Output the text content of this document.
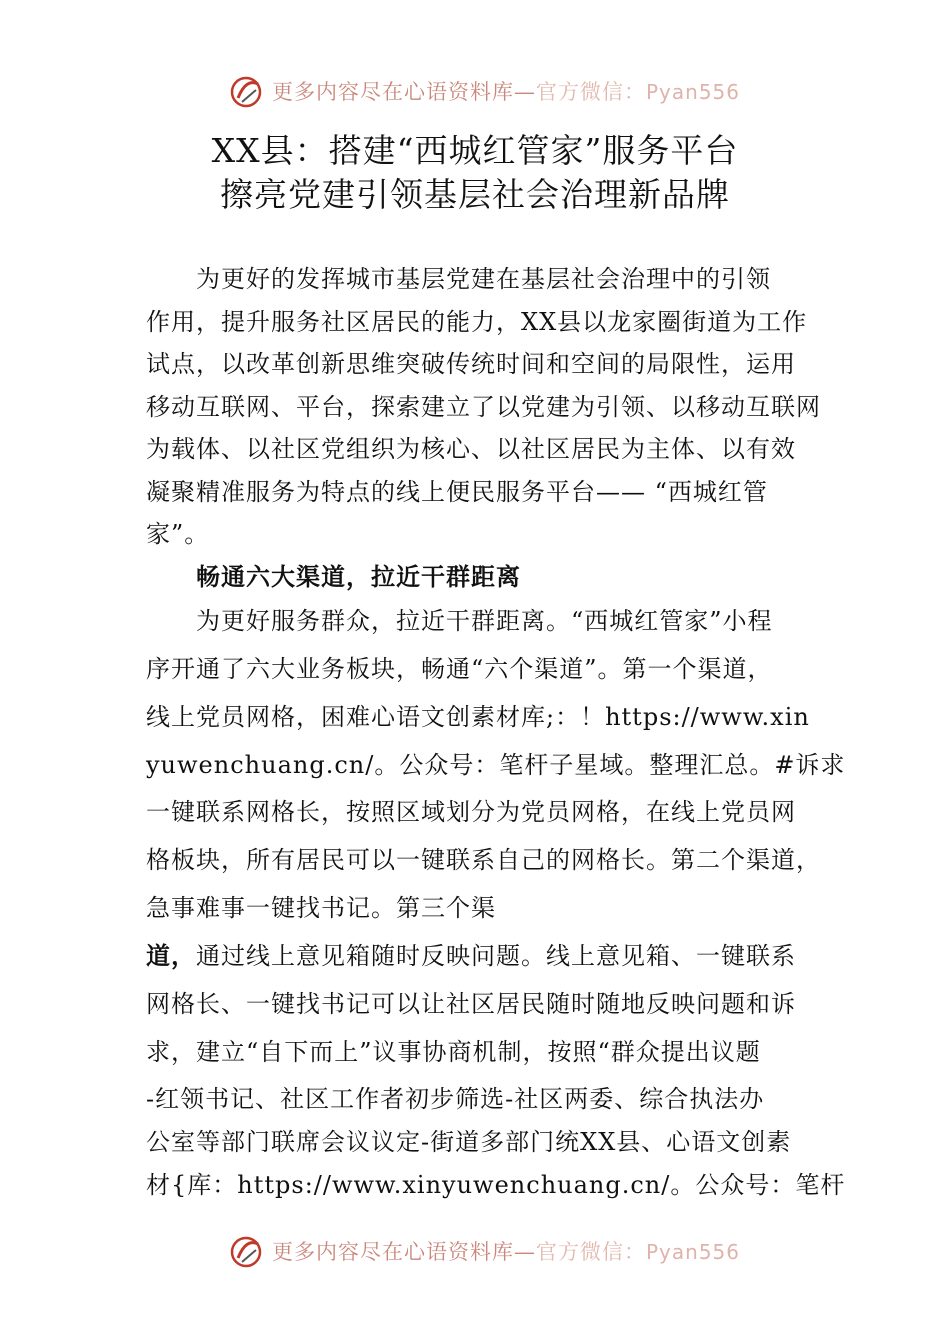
更多内容尽在心语资料库—官方微信：Pyan556
XX县：搭建“西城红管家”服务平台
擦亮党建引领基层社会治理新品牌
为更好的发挥城市基层党建在基层社会治理中的引领
作用，提升服务社区居民的能力，XX县以龙家圈街道为工作
试点，以改革创新思维突破传统时间和空间的局限性，运用
移动互联网、平台，探索建立了以党建为引领、以移动互联网
为载体、以社区党组织为核心、以社区居民为主体、以有效
凝聚精准服务为特点的线上便民服务平台—— “西城红管
家”。
畅通六大渠道，拉近干群距离
为更好服务群众，拉近干群距离。“西城红管家”小程
序开通了六大业务板块，畅通“六个渠道”。第一个渠道，
线上党员网格，困难心语文创素材库;：！https://www.xin
yuwenchuang.cn/。公众号：笔杆子星域。整理汇总。#诉求
一键联系网格长，按照区域划分为党员网格，在线上党员网
格板块，所有居民可以一键联系自己的网格长。第二个渠道，
急事难事一键找书记。第三个渠
道，通过线上意见箱随时反映问题。线上意见箱、一键联系
网格长、一键找书记可以让社区居民随时随地反映问题和诉
求，建立“自下而上”议事协商机制，按照“群众提出议题
-红领书记、社区工作者初步筛选-社区两委、综合执法办
公室等部门联席会议议定-街道多部门统XX县、心语文创素
材{库：https://www.xinyuwenchuang.cn/。公众号：笔杆
更多内容尽在心语资料库—官方微信：Pyan556
